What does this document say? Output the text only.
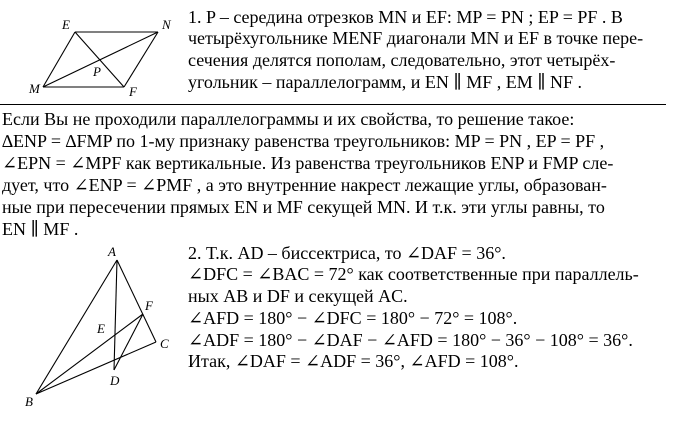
E	N
P
M	F
1. P – середина отрезков MN и EF: MP = PN ; EP = PF . В
четырёхугольнике MENF диагонали MN и EF в точке пере-
сечения делятся пополам, следовательно, этот четырёх-
угольник – параллелограмм, и EN ∥ MF , EM ∥ NF .
Если Вы не проходили параллелограммы и их свойства, то решение такое:
∆ENP = ∆FMP по 1-му признаку равенства треугольников: MP = PN , EP = PF ,
∠EPN = ∠MPF как вертикальные. Из равенства треугольников ENP и FMP сле-
дует, что ∠ENP = ∠PMF , а это внутренние накрест лежащие углы, образован-
ные при пересечении прямых EN и MF секущей MN. И т.к. эти углы равны, то
EN ∥ MF .
A
F
E
C
D
B
2. Т.к. AD – биссектриса, то ∠DAF = 36°.
∠DFC = ∠BAC = 72° как соответственные при параллель-
ных AB и DF и секущей AC.
∠AFD = 180° − ∠DFC = 180° − 72° = 108°.
∠ADF = 180° − ∠DAF − ∠AFD = 180° − 36° − 108° = 36°.
Итак, ∠DAF = ∠ADF = 36°, ∠AFD = 108°.
